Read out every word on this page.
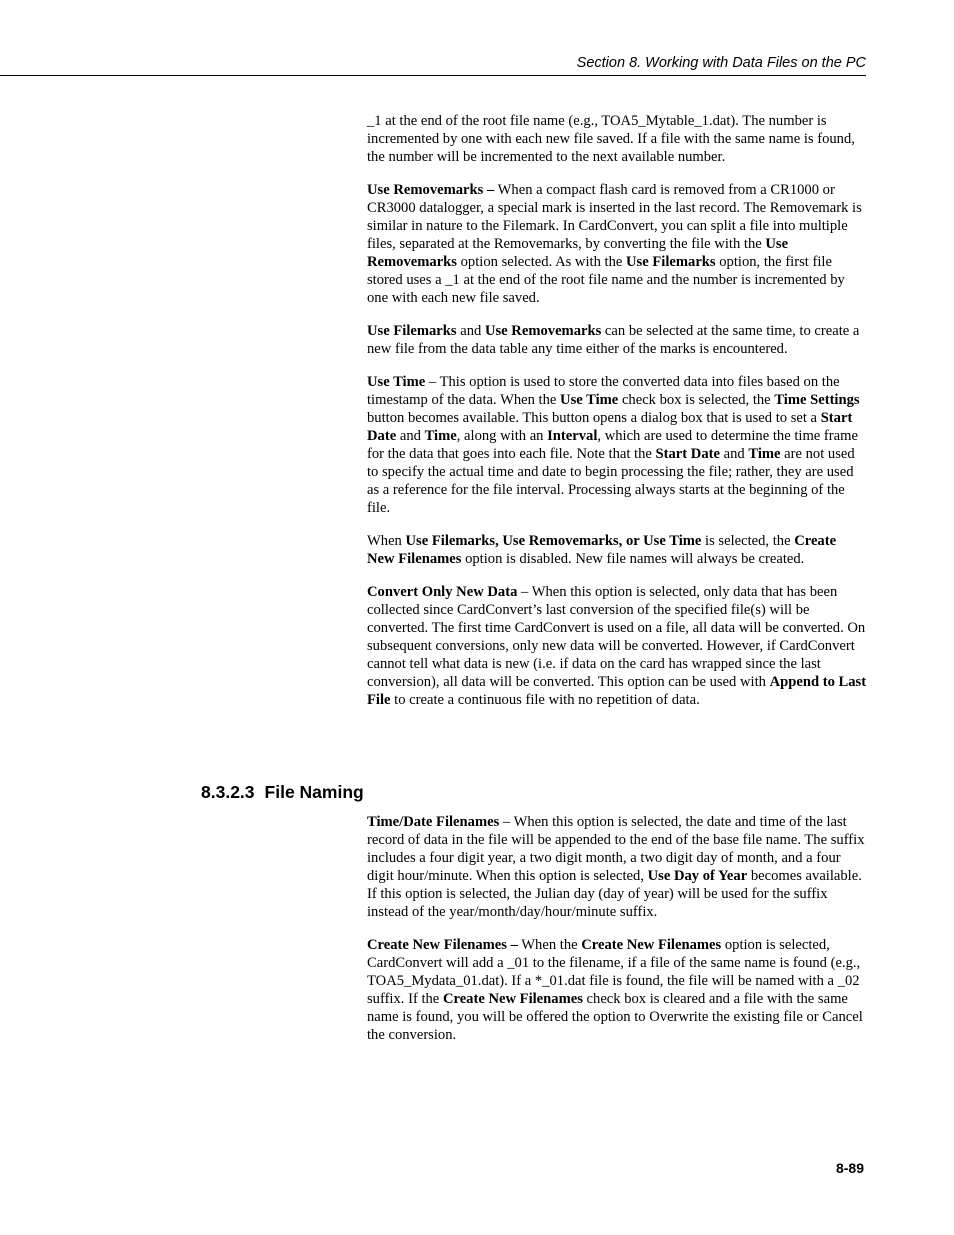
Section 8. Working with Data Files on the PC

_1 at the end of the root file name (e.g., TOA5_Mytable_1.dat). The number is incremented by one with each new file saved. If a file with the same name is found, the number will be incremented to the next available number.

Use Removemarks – When a compact flash card is removed from a CR1000 or CR3000 datalogger, a special mark is inserted in the last record. The Removemark is similar in nature to the Filemark. In CardConvert, you can split a file into multiple files, separated at the Removemarks, by converting the file with the Use Removemarks option selected. As with the Use Filemarks option, the first file stored uses a _1 at the end of the root file name and the number is incremented by one with each new file saved.

Use Filemarks and Use Removemarks can be selected at the same time, to create a new file from the data table any time either of the marks is encountered.

Use Time – This option is used to store the converted data into files based on the timestamp of the data. When the Use Time check box is selected, the Time Settings button becomes available. This button opens a dialog box that is used to set a Start Date and Time, along with an Interval, which are used to determine the time frame for the data that goes into each file. Note that the Start Date and Time are not used to specify the actual time and date to begin processing the file; rather, they are used as a reference for the file interval. Processing always starts at the beginning of the file.

When Use Filemarks, Use Removemarks, or Use Time is selected, the Create New Filenames option is disabled. New file names will always be created.

Convert Only New Data – When this option is selected, only data that has been collected since CardConvert’s last conversion of the specified file(s) will be converted. The first time CardConvert is used on a file, all data will be converted. On subsequent conversions, only new data will be converted. However, if CardConvert cannot tell what data is new (i.e. if data on the card has wrapped since the last conversion), all data will be converted. This option can be used with Append to Last File to create a continuous file with no repetition of data.

8.3.2.3 File Naming

Time/Date Filenames – When this option is selected, the date and time of the last record of data in the file will be appended to the end of the base file name. The suffix includes a four digit year, a two digit month, a two digit day of month, and a four digit hour/minute. When this option is selected, Use Day of Year becomes available. If this option is selected, the Julian day (day of year) will be used for the suffix instead of the year/month/day/hour/minute suffix.

Create New Filenames – When the Create New Filenames option is selected, CardConvert will add a _01 to the filename, if a file of the same name is found (e.g., TOA5_Mydata_01.dat). If a *_01.dat file is found, the file will be named with a _02 suffix. If the Create New Filenames check box is cleared and a file with the same name is found, you will be offered the option to Overwrite the existing file or Cancel the conversion.

8-89
